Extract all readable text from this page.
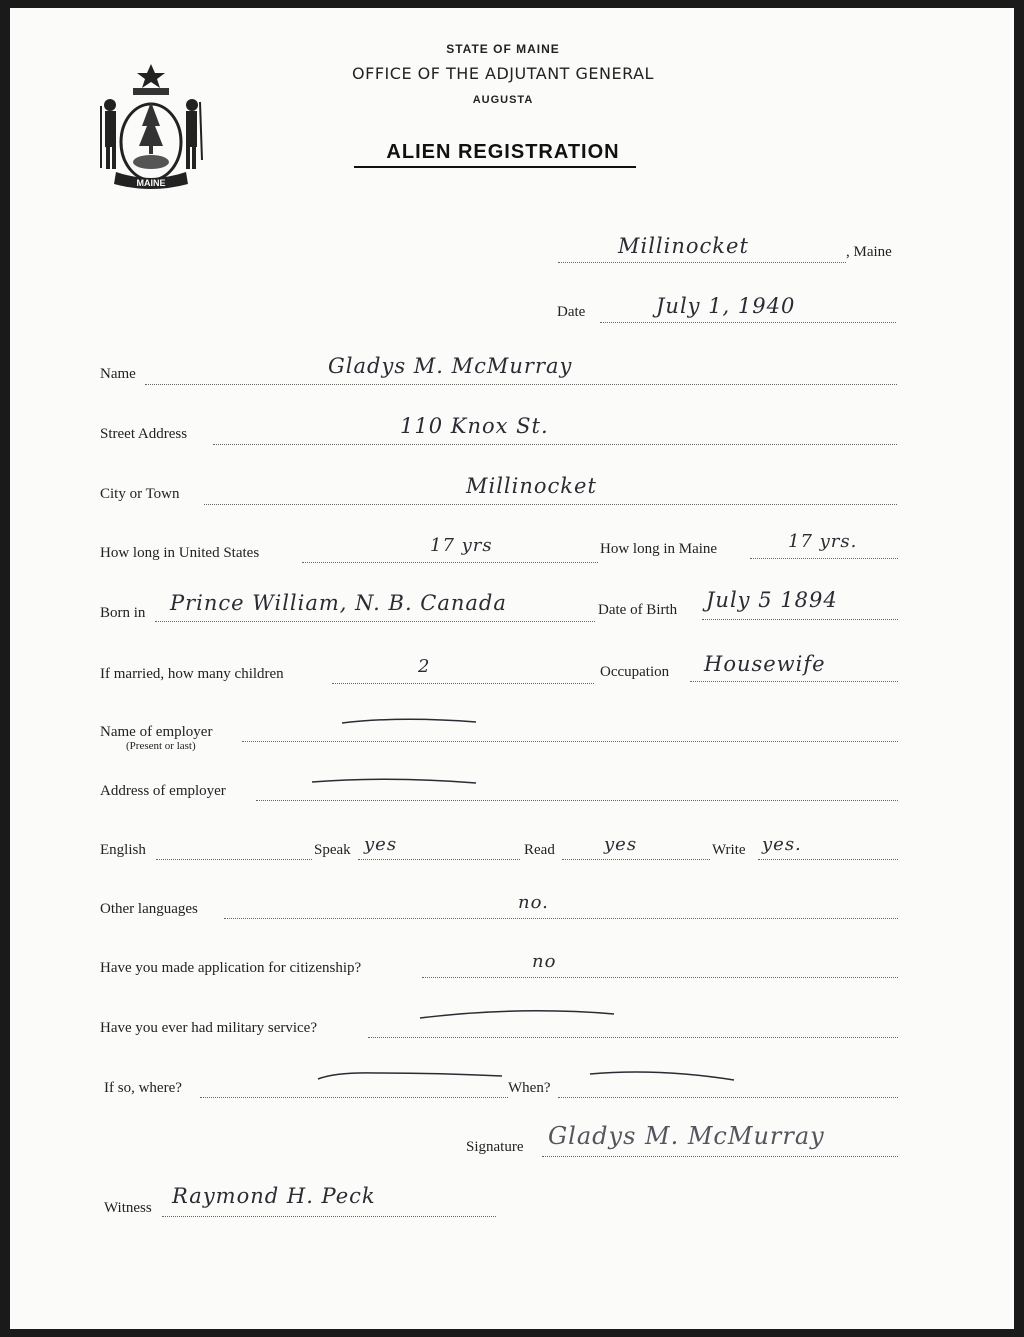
MAINE
STATE OF MAINE
OFFICE OF THE ADJUTANT GENERAL
AUGUSTA
ALIEN REGISTRATION
Millinocket	, Maine
Date	July 1, 1940
Name	Gladys M. McMurray
Street Address	110 Knox St.
City or Town	Millinocket
How long in United States	17 yrs	How long in Maine	17 yrs.
Born in Prince William, N. B. Canada	Date of Birth July 5 1894
If married, how many children	2	Occupation Housewife
Name of employer
(Present or last)
Address of employer
English	Speak yes	Read	yes	Write yes.
Other languages	no.
Have you made application for citizenship?	no
Have you ever had military service?
If so, where?	When?
Signature Gladys M. McMurray
Witness Raymond H. Peck
